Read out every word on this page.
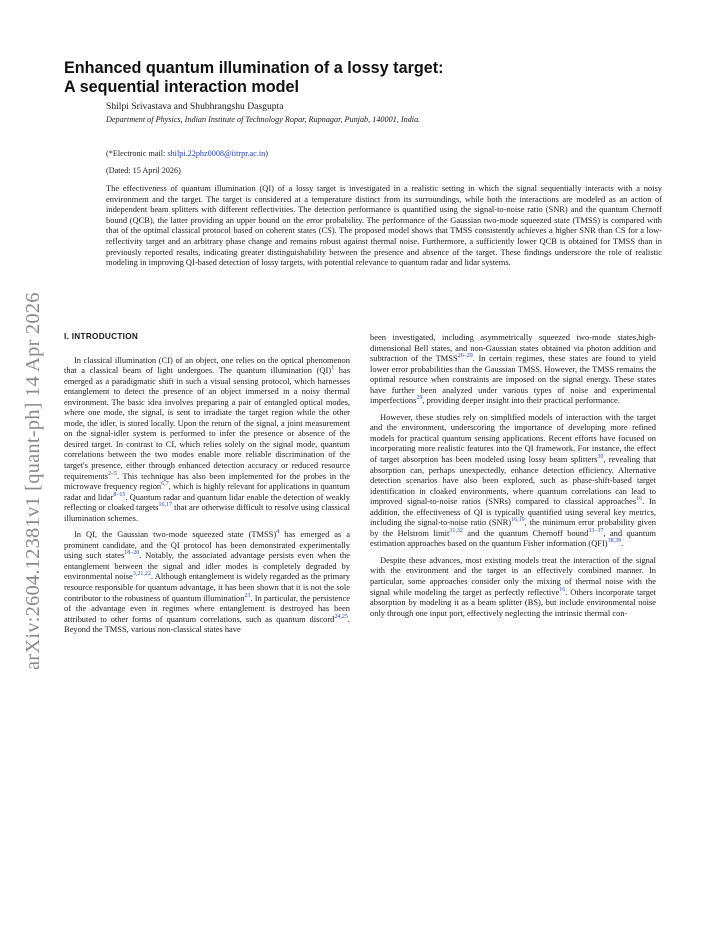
arXiv:2604.12381v1 [quant-ph] 14 Apr 2026
Enhanced quantum illumination of a lossy target:
A sequential interaction model
Shilpi Srivastava and Shubhrangshu Dasgupta
Department of Physics, Indian Institute of Technology Ropar, Rupnagar, Punjab, 140001, India.
(*Electronic mail: shilpi.22phz0008@iitrpr.ac.in)
(Dated: 15 April 2026)
The effectiveness of quantum illumination (QI) of a lossy target is investigated in a realistic setting in which the signal sequentially interacts with a noisy environment and the target. The target is considered at a temperature distinct from its surroundings, while both the interactions are modeled as an action of independent beam splitters with different reflectivities. The detection performance is quantified using the signal-to-noise ratio (SNR) and the quantum Chernoff bound (QCB), the latter providing an upper bound on the error probability. The performance of the Gaussian two-mode squeezed state (TMSS) is compared with that of the optimal classical protocol based on coherent states (CS). The proposed model shows that TMSS consistently achieves a higher SNR than CS for a low-reflectivity target and an arbitrary phase change and remains robust against thermal noise. Furthermore, a sufficiently lower QCB is obtained for TMSS than in previously reported results, indicating greater distinguishability between the presence and absence of the target. These findings underscore the role of realistic modeling in improving QI-based detection of lossy targets, with potential relevance to quantum radar and lidar systems.
I. INTRODUCTION

In classical illumination (CI) of an object, one relies on the optical phenomenon that a classical beam of light undergoes. The quantum illumination (QI)$^1$ has emerged as a paradigmatic shift in such a visual sensing protocol, which harnesses entanglement to detect the presence of an object immersed in a noisy thermal environment. The basic idea involves preparing a pair of entangled optical modes, where one mode, the signal, is sent to irradiate the target region while the other mode, the idler, is stored locally. Upon the return of the signal, a joint measurement on the signal-idler system is performed to infer the presence or absence of the desired target. In contrast to CI, which relies solely on the signal mode, quantum correlations between the two modes enable more reliable discrimination of the target's presence, either through enhanced detection accuracy or reduced resource requirements$^{2-5}$. This technique has also been implemented for the probes in the microwave frequency region$^{6,7}$, which is highly relevant for applications in quantum radar and lidar$^{8-15}$. Quantum radar and quantum lidar enable the detection of weakly reflecting or cloaked targets$^{16,17}$ that are otherwise difficult to resolve using classical illumination schemes.

In QI, the Gaussian two-mode squeezed state (TMSS)$^4$ has emerged as a prominent candidate, and the QI protocol has been demonstrated experimentally using such states$^{18-20}$. Notably, the associated advantage persists even when the entanglement between the signal and idler modes is completely degraded by environmental noise$^{3,21,22}$. Although entanglement is widely regarded as the primary resource responsible for quantum advantage, it has been shown that it is not the sole contributor to the robustness of quantum illumination$^{23}$. In particular, the persistence of the advantage even in regimes where entanglement is destroyed has been attributed to other forms of quantum correlations, such as quantum discord$^{24,25}$. Beyond the TMSS, various non-classical states have

been investigated, including asymmetrically squeezed two-mode states,high-dimensional Bell states, and non-Gaussian states obtained via photon addition and subtraction of the TMSS$^{26-29}$. In certain regimes, these states are found to yield lower error probabilities than the Gaussian TMSS. However, the TMSS remains the optimal resource when constraints are imposed on the signal energy. These states have further been analyzed under various types of noise and experimental imperfections$^{29}$, providing deeper insight into their practical performance.

However, these studies rely on simplified models of interaction with the target and the environment, underscoring the importance of developing more refined models for practical quantum sensing applications. Recent efforts have focused on incorporating more realistic features into the QI framework. For instance, the effect of target absorption has been modeled using lossy beam splitters$^{30}$, revealing that absorption can, perhaps unexpectedly, enhance detection efficiency. Alternative detection scenarios have also been explored, such as phase-shift-based target identification in cloaked environments, where quantum correlations can lead to improved signal-to-noise ratios (SNRs) compared to classical approaches$^{16}$. In addition, the effectiveness of QI is typically quantified using several key metrics, including the signal-to-noise ratio (SNR)$^{16,19}$, the minimum error probability given by the Helstrom limit$^{31,32}$ and the quantum Chernoff bound$^{33-37}$, and quantum estimation approaches based on the quantum Fisher information (QFI)$^{38,39}$.

Despite these advances, most existing models treat the interaction of the signal with the environment and the target in an effectively combined manner. In particular, some approaches consider only the mixing of thermal noise with the signal while modeling the target as perfectly reflective$^{16}$. Others incorporate target absorption by modeling it as a beam splitter (BS), but include environmental noise only through one input port, effectively neglecting the intrinsic thermal con-
